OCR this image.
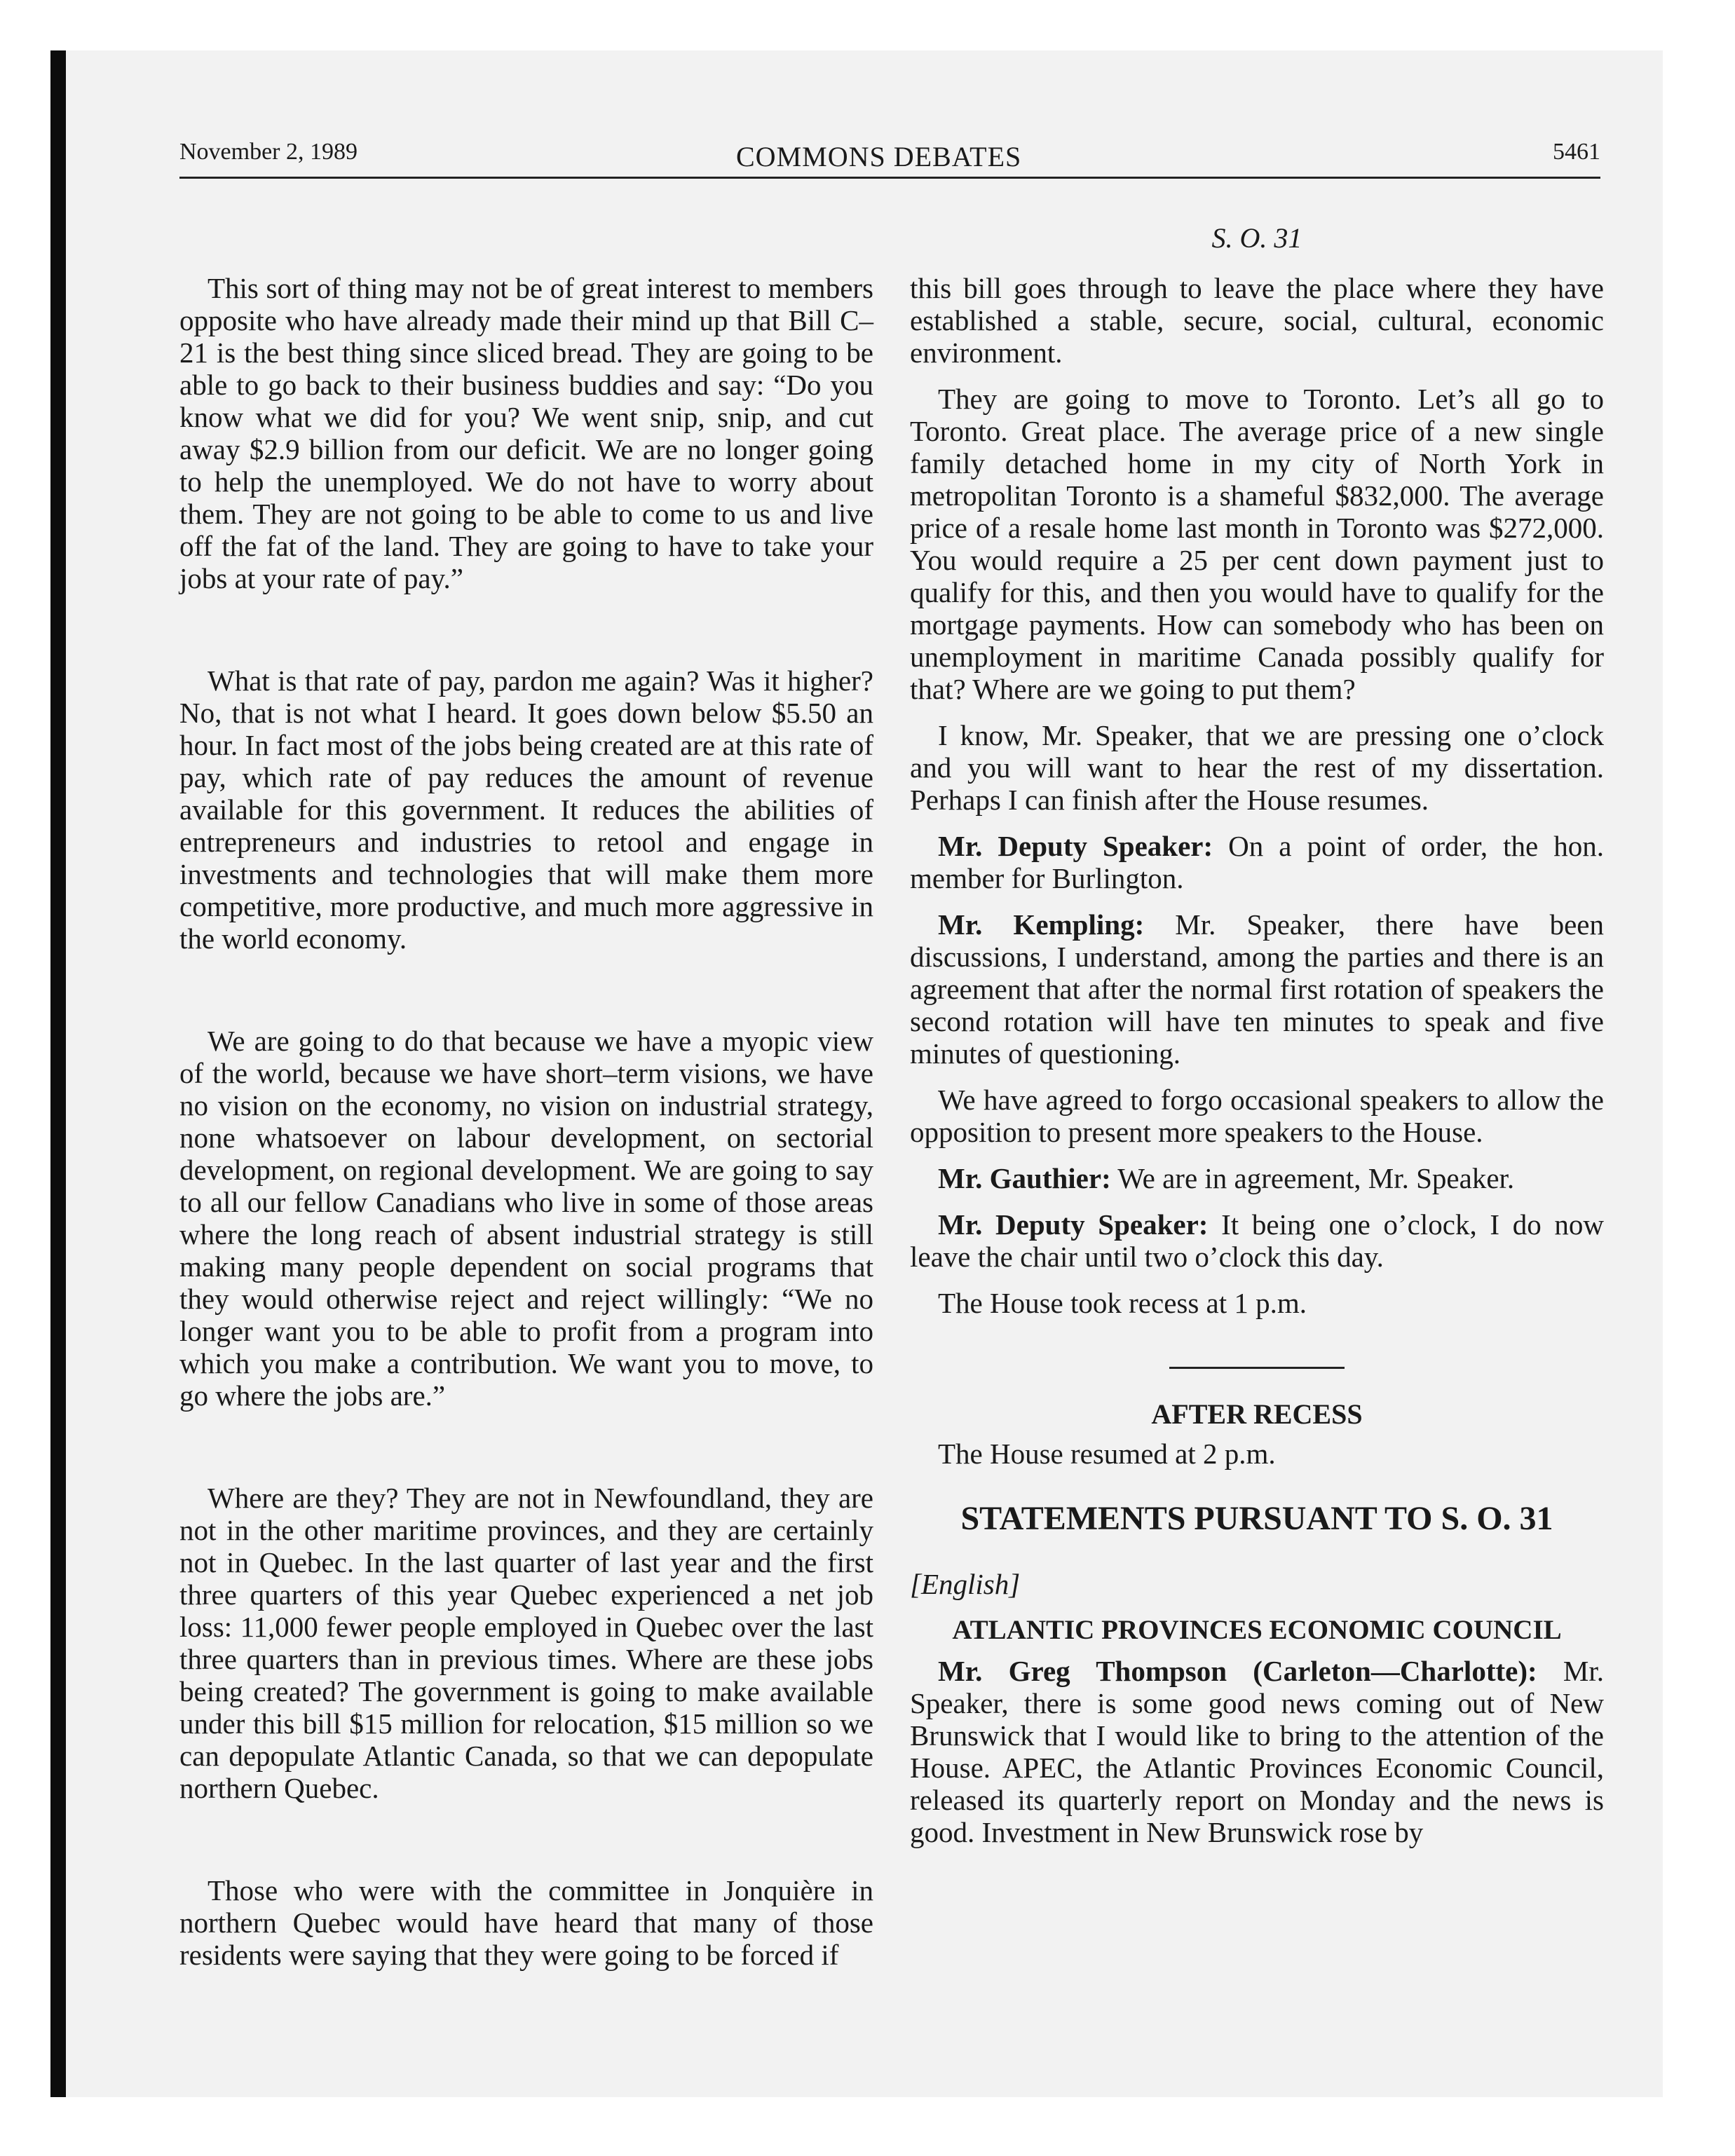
November 2, 1989	COMMONS DEBATES	5461
S. O. 31

This sort of thing may not be of great interest to members opposite who have already made their mind up that Bill C–21 is the best thing since sliced bread. They are going to be able to go back to their business buddies and say: “Do you know what we did for you? We went snip, snip, and cut away $2.9 billion from our deficit. We are no longer going to help the unemployed. We do not have to worry about them. They are not going to be able to come to us and live off the fat of the land. They are going to have to take your jobs at your rate of pay.”

What is that rate of pay, pardon me again? Was it higher? No, that is not what I heard. It goes down below $5.50 an hour. In fact most of the jobs being created are at this rate of pay, which rate of pay reduces the amount of revenue available for this government. It reduces the abilities of entrepreneurs and industries to retool and engage in investments and technologies that will make them more competitive, more productive, and much more aggressive in the world economy.

We are going to do that because we have a myopic view of the world, because we have short–term visions, we have no vision on the economy, no vision on industrial strategy, none whatsoever on labour development, on sectorial development, on regional development. We are going to say to all our fellow Canadians who live in some of those areas where the long reach of absent industrial strategy is still making many people dependent on social programs that they would otherwise reject and reject willingly: “We no longer want you to be able to profit from a program into which you make a contribution. We want you to move, to go where the jobs are.”

Where are they? They are not in Newfoundland, they are not in the other maritime provinces, and they are certainly not in Quebec. In the last quarter of last year and the first three quarters of this year Quebec experienced a net job loss: 11,000 fewer people employed in Quebec over the last three quarters than in previous times. Where are these jobs being created? The government is going to make available under this bill $15 million for relocation, $15 million so we can depopulate Atlantic Canada, so that we can depopulate northern Quebec.

Those who were with the committee in Jonquière in northern Quebec would have heard that many of those residents were saying that they were going to be forced if

this bill goes through to leave the place where they have established a stable, secure, social, cultural, economic environment.

They are going to move to Toronto. Let’s all go to Toronto. Great place. The average price of a new single family detached home in my city of North York in metropolitan Toronto is a shameful $832,000. The average price of a resale home last month in Toronto was $272,000. You would require a 25 per cent down payment just to qualify for this, and then you would have to qualify for the mortgage payments. How can somebody who has been on unemployment in maritime Canada possibly qualify for that? Where are we going to put them?

I know, Mr. Speaker, that we are pressing one o’clock and you will want to hear the rest of my dissertation. Perhaps I can finish after the House resumes.

Mr. Deputy Speaker: On a point of order, the hon. member for Burlington.

Mr. Kempling: Mr. Speaker, there have been discussions, I understand, among the parties and there is an agreement that after the normal first rotation of speakers the second rotation will have ten minutes to speak and five minutes of questioning.

We have agreed to forgo occasional speakers to allow the opposition to present more speakers to the House.

Mr. Gauthier: We are in agreement, Mr. Speaker.

Mr. Deputy Speaker: It being one o’clock, I do now leave the chair until two o’clock this day.

The House took recess at 1 p.m.

AFTER RECESS

The House resumed at 2 p.m.

STATEMENTS PURSUANT TO S. O. 31

[English]

ATLANTIC PROVINCES ECONOMIC COUNCIL

Mr. Greg Thompson (Carleton—Charlotte): Mr. Speaker, there is some good news coming out of New Brunswick that I would like to bring to the attention of the House. APEC, the Atlantic Provinces Economic Council, released its quarterly report on Monday and the news is good. Investment in New Brunswick rose by
